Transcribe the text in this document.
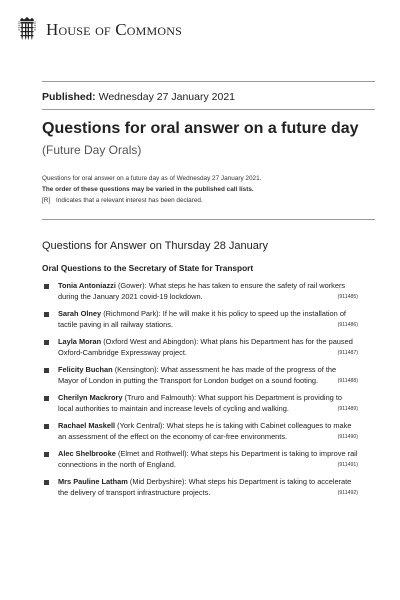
House of Commons
Published: Wednesday 27 January 2021
Questions for oral answer on a future day
(Future Day Orals)
Questions for oral answer on a future day as of Wednesday 27 January 2021.
The order of these questions may be varied in the published call lists.
[R] Indicates that a relevant interest has been declared.
Questions for Answer on Thursday 28 January
Oral Questions to the Secretary of State for Transport
Tonia Antoniazzi (Gower): What steps he has taken to ensure the safety of rail workers during the January 2021 covid-19 lockdown.	(911485)
Sarah Olney (Richmond Park): If he will make it his policy to speed up the installation of tactile paving in all railway stations.	(911486)
Layla Moran (Oxford West and Abingdon): What plans his Department has for the paused Oxford-Cambridge Expressway project.	(911487)
Felicity Buchan (Kensington): What assessment he has made of the progress of the Mayor of London in putting the Transport for London budget on a sound footing.	(911488)
Cherilyn Mackrory (Truro and Falmouth): What support his Department is providing to local authorities to maintain and increase levels of cycling and walking.	(911489)
Rachael Maskell (York Central): What steps he is taking with Cabinet colleagues to make an assessment of the effect on the economy of car-free environments.	(911490)
Alec Shelbrooke (Elmet and Rothwell): What steps his Department is taking to improve rail connections in the north of England.	(911491)
Mrs Pauline Latham (Mid Derbyshire): What steps his Department is taking to accelerate the delivery of transport infrastructure projects.	(911492)
